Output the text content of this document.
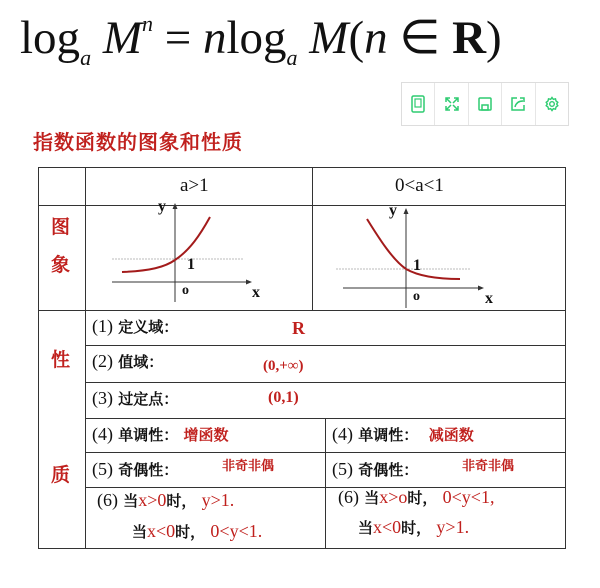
$\log_a M^n = nlog_a$ M(n ∈ R)
指数函数的图象和性质
a>1	0<a<1
图
象
性
质
y
1
o	x
y
1
o	x
(1) 定义域：	R
(2) 值域：	(0,+∞)
(3) 过定点：	(0,1)
(4) 单调性： 增函数	(4) 单调性： 减函数
(5) 奇偶性：	非奇非偶	(5) 奇偶性：	非奇非偶
(6) 当x>0时， y>1.
当x<0时， 0<y<1.
(6) 当x>o时， 0<y<1,
当x<0时， y>1.
